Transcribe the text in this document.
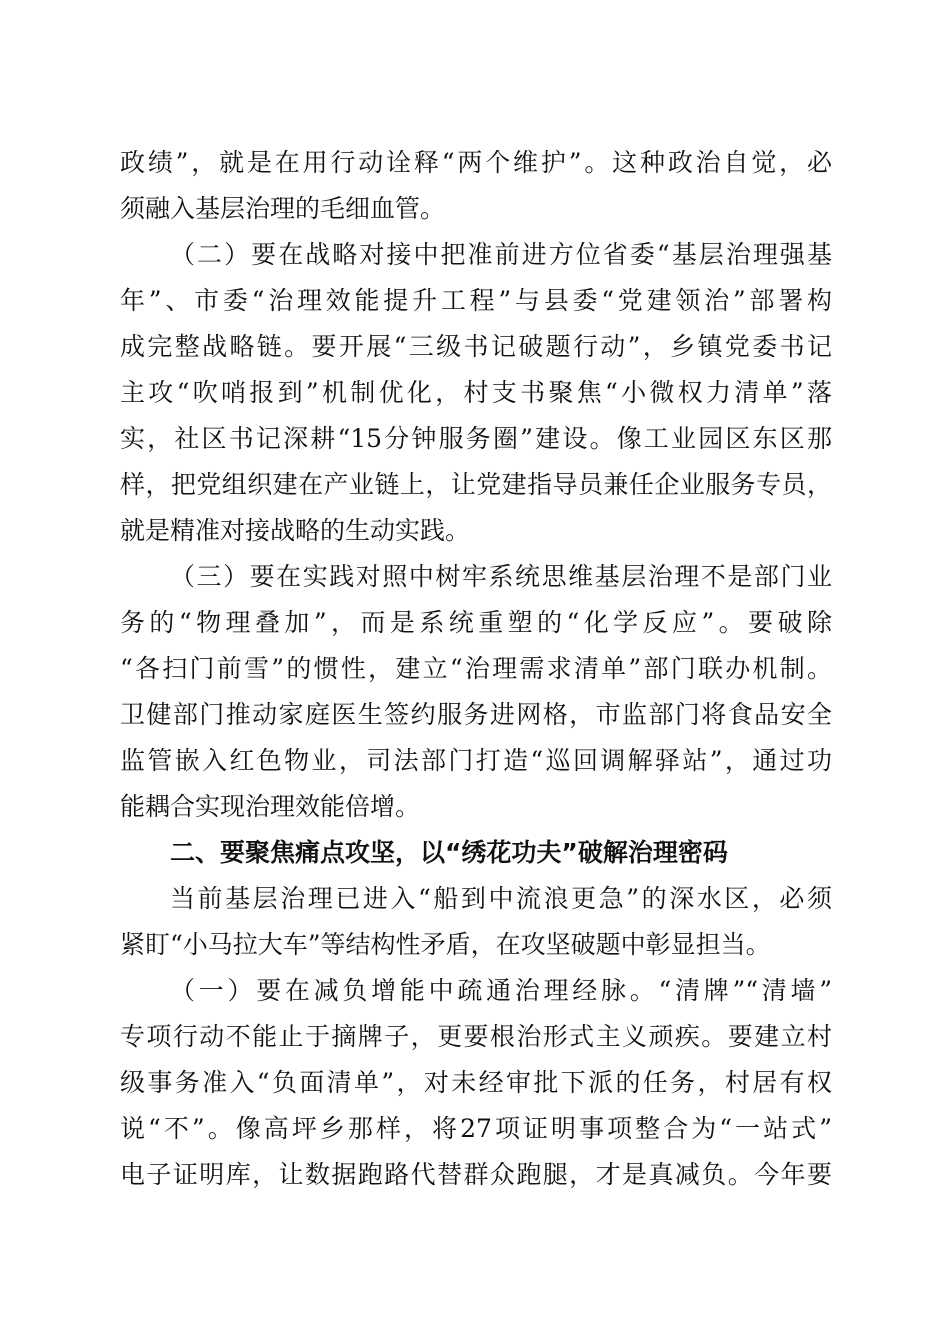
政绩”，就是在用行动诠释“两个维护”。这种政治自觉，必

须融入基层治理的毛细血管。

（二）要在战略对接中把准前进方位省委“基层治理强基

年”、市委“治理效能提升工程”与县委“党建领治”部署构

成完整战略链。要开展“三级书记破题行动”，乡镇党委书记

主攻“吹哨报到”机制优化，村支书聚焦“小微权力清单”落

实，社区书记深耕“15分钟服务圈”建设。像工业园区东区那

样，把党组织建在产业链上，让党建指导员兼任企业服务专员，

就是精准对接战略的生动实践。

（三）要在实践对照中树牢系统思维基层治理不是部门业

务的“物理叠加”，而是系统重塑的“化学反应”。要破除

“各扫门前雪”的惯性，建立“治理需求清单”部门联办机制。

卫健部门推动家庭医生签约服务进网格，市监部门将食品安全

监管嵌入红色物业，司法部门打造“巡回调解驿站”，通过功

能耦合实现治理效能倍增。

二、要聚焦痛点攻坚，以“绣花功夫”破解治理密码

当前基层治理已进入“船到中流浪更急”的深水区，必须

紧盯“小马拉大车”等结构性矛盾，在攻坚破题中彰显担当。

（一）要在减负增能中疏通治理经脉。“清牌”“清墙”

专项行动不能止于摘牌子，更要根治形式主义顽疾。要建立村

级事务准入“负面清单”，对未经审批下派的任务，村居有权

说“不”。像高坪乡那样，将27项证明事项整合为“一站式”

电子证明库，让数据跑路代替群众跑腿，才是真减负。今年要
